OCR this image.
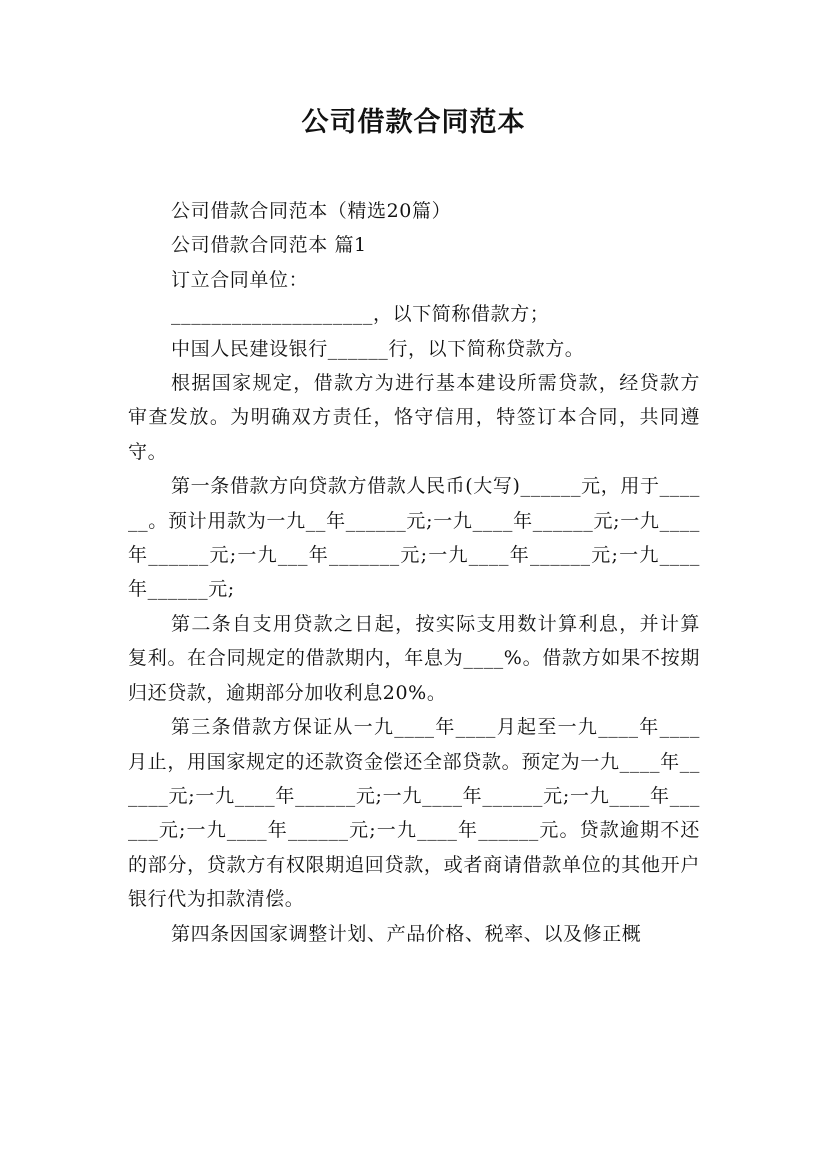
公司借款合同范本

公司借款合同范本（精选20篇）

公司借款合同范本 篇1

订立合同单位：

____________________，以下简称借款方；

中国人民建设银行______行，以下简称贷款方。

根据国家规定，借款方为进行基本建设所需贷款，经贷款方审查发放。为明确双方责任，恪守信用，特签订本合同，共同遵守。

第一条借款方向贷款方借款人民币(大写)______元，用于______。预计用款为一九__年______元;一九____年______元;一九____年______元;一九___年_______元;一九____年______元;一九____年______元;

第二条自支用贷款之日起，按实际支用数计算利息，并计算复利。在合同规定的借款期内，年息为____%。借款方如果不按期归还贷款，逾期部分加收利息20%。

第三条借款方保证从一九____年____月起至一九____年____月止，用国家规定的还款资金偿还全部贷款。预定为一九____年______元;一九____年______元;一九____年______元;一九____年______元;一九____年______元;一九____年______元。贷款逾期不还的部分，贷款方有权限期追回贷款，或者商请借款单位的其他开户银行代为扣款清偿。

第四条因国家调整计划、产品价格、税率、以及修正概
